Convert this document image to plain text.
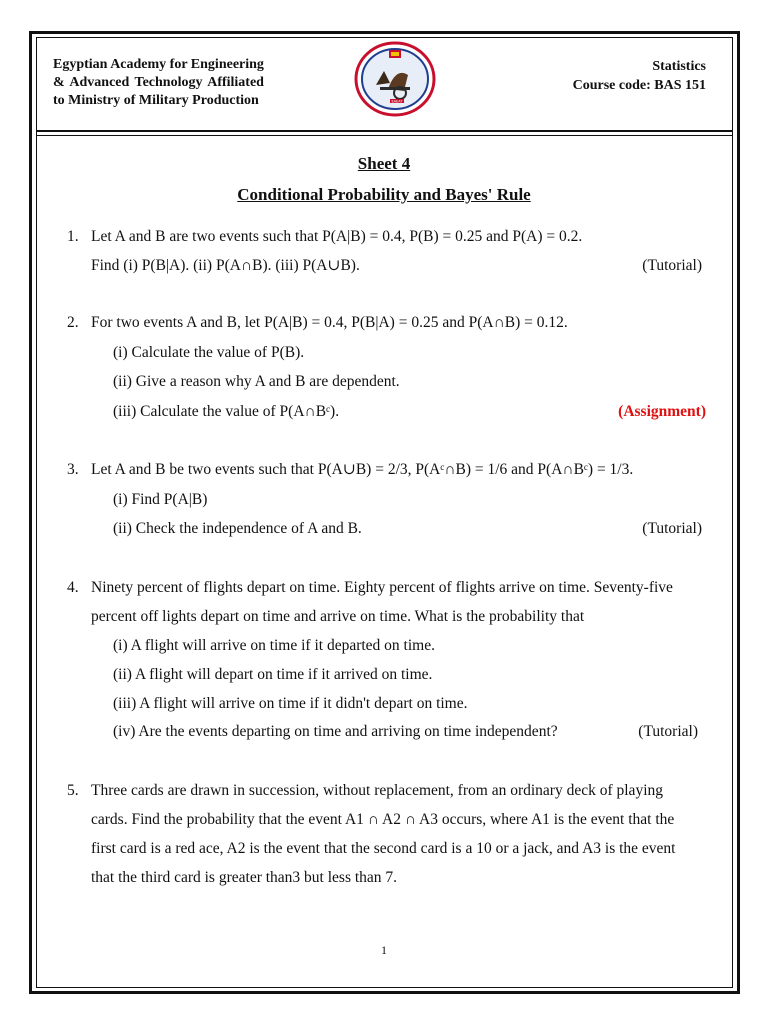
Egyptian Academy for Engineering
& Advanced Technology Affiliated
to Ministry of Military Production	EAEAT
Statistics
Course code: BAS 151
Sheet 4
Conditional Probability and Bayes' Rule
1. Let A and B are two events such that P(A|B) = 0.4, P(B) = 0.25 and P(A) = 0.2.
Find (i) P(B|A). (ii) P(A∩B). (iii) P(A∪B).	(Tutorial)
2. For two events A and B, let P(A|B) = 0.4, P(B|A) = 0.25 and P(A∩B) = 0.12.
(i) Calculate the value of P(B).
(ii) Give a reason why A and B are dependent.
(iii) Calculate the value of P(A∩Bᶜ).	(Assignment)
3. Let A and B be two events such that P(A∪B) = 2/3, P(Aᶜ∩B) = 1/6 and P(A∩Bᶜ) = 1/3.
(i) Find P(A|B)
(ii) Check the independence of A and B.	(Tutorial)
4. Ninety percent of flights depart on time. Eighty percent of flights arrive on time. Seventy-five
percent off lights depart on time and arrive on time. What is the probability that
(i) A flight will arrive on time if it departed on time.
(ii) A flight will depart on time if it arrived on time.
(iii) A flight will arrive on time if it didn't depart on time.
(iv) Are the events departing on time and arriving on time independent?	(Tutorial)
5. Three cards are drawn in succession, without replacement, from an ordinary deck of playing
cards. Find the probability that the event A1 ∩ A2 ∩ A3 occurs, where A1 is the event that the
first card is a red ace, A2 is the event that the second card is a 10 or a jack, and A3 is the event
that the third card is greater than3 but less than 7.
1
